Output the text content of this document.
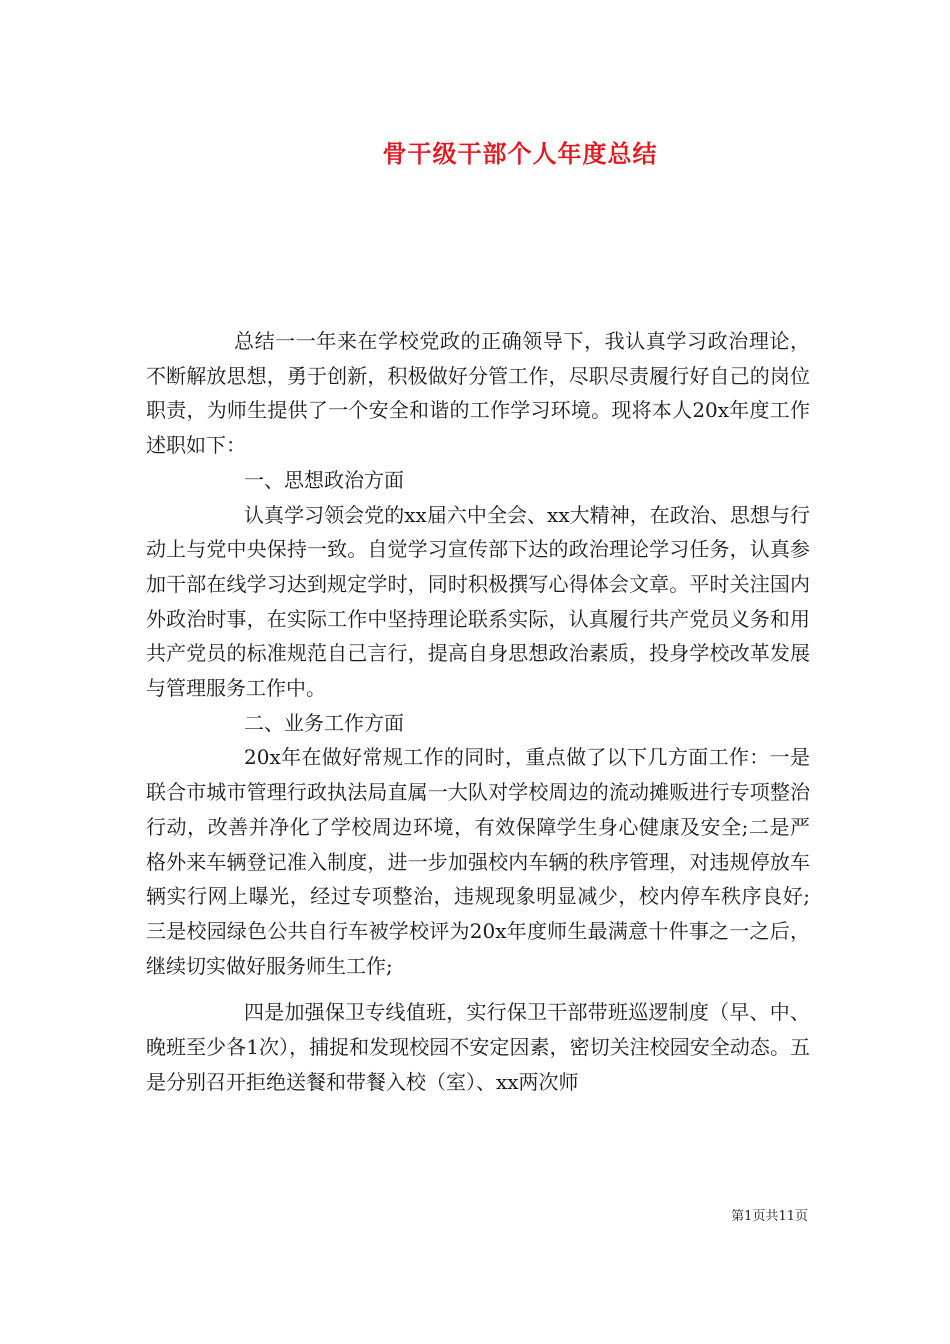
骨干级干部个人年度总结

总结一一年来在学校党政的正确领导下，我认真学习政治理论，不断解放思想，勇于创新，积极做好分管工作，尽职尽责履行好自己的岗位职责，为师生提供了一个安全和谐的工作学习环境。现将本人20x年度工作述职如下：

一、思想政治方面

认真学习领会党的xx届六中全会、xx大精神，在政治、思想与行动上与党中央保持一致。自觉学习宣传部下达的政治理论学习任务，认真参加干部在线学习达到规定学时，同时积极撰写心得体会文章。平时关注国内外政治时事，在实际工作中坚持理论联系实际，认真履行共产党员义务和用共产党员的标准规范自己言行，提高自身思想政治素质，投身学校改革发展与管理服务工作中。

二、业务工作方面

20x年在做好常规工作的同时，重点做了以下几方面工作：一是联合市城市管理行政执法局直属一大队对学校周边的流动摊贩进行专项整治行动，改善并净化了学校周边环境，有效保障学生身心健康及安全;二是严格外来车辆登记准入制度，进一步加强校内车辆的秩序管理，对违规停放车辆实行网上曝光，经过专项整治，违规现象明显减少，校内停车秩序良好;三是校园绿色公共自行车被学校评为20x年度师生最满意十件事之一之后，继续切实做好服务师生工作;

四是加强保卫专线值班，实行保卫干部带班巡逻制度（早、中、晚班至少各1次），捕捉和发现校园不安定因素，密切关注校园安全动态。五是分别召开拒绝送餐和带餐入校（室）、xx两次师

第1页共11页
